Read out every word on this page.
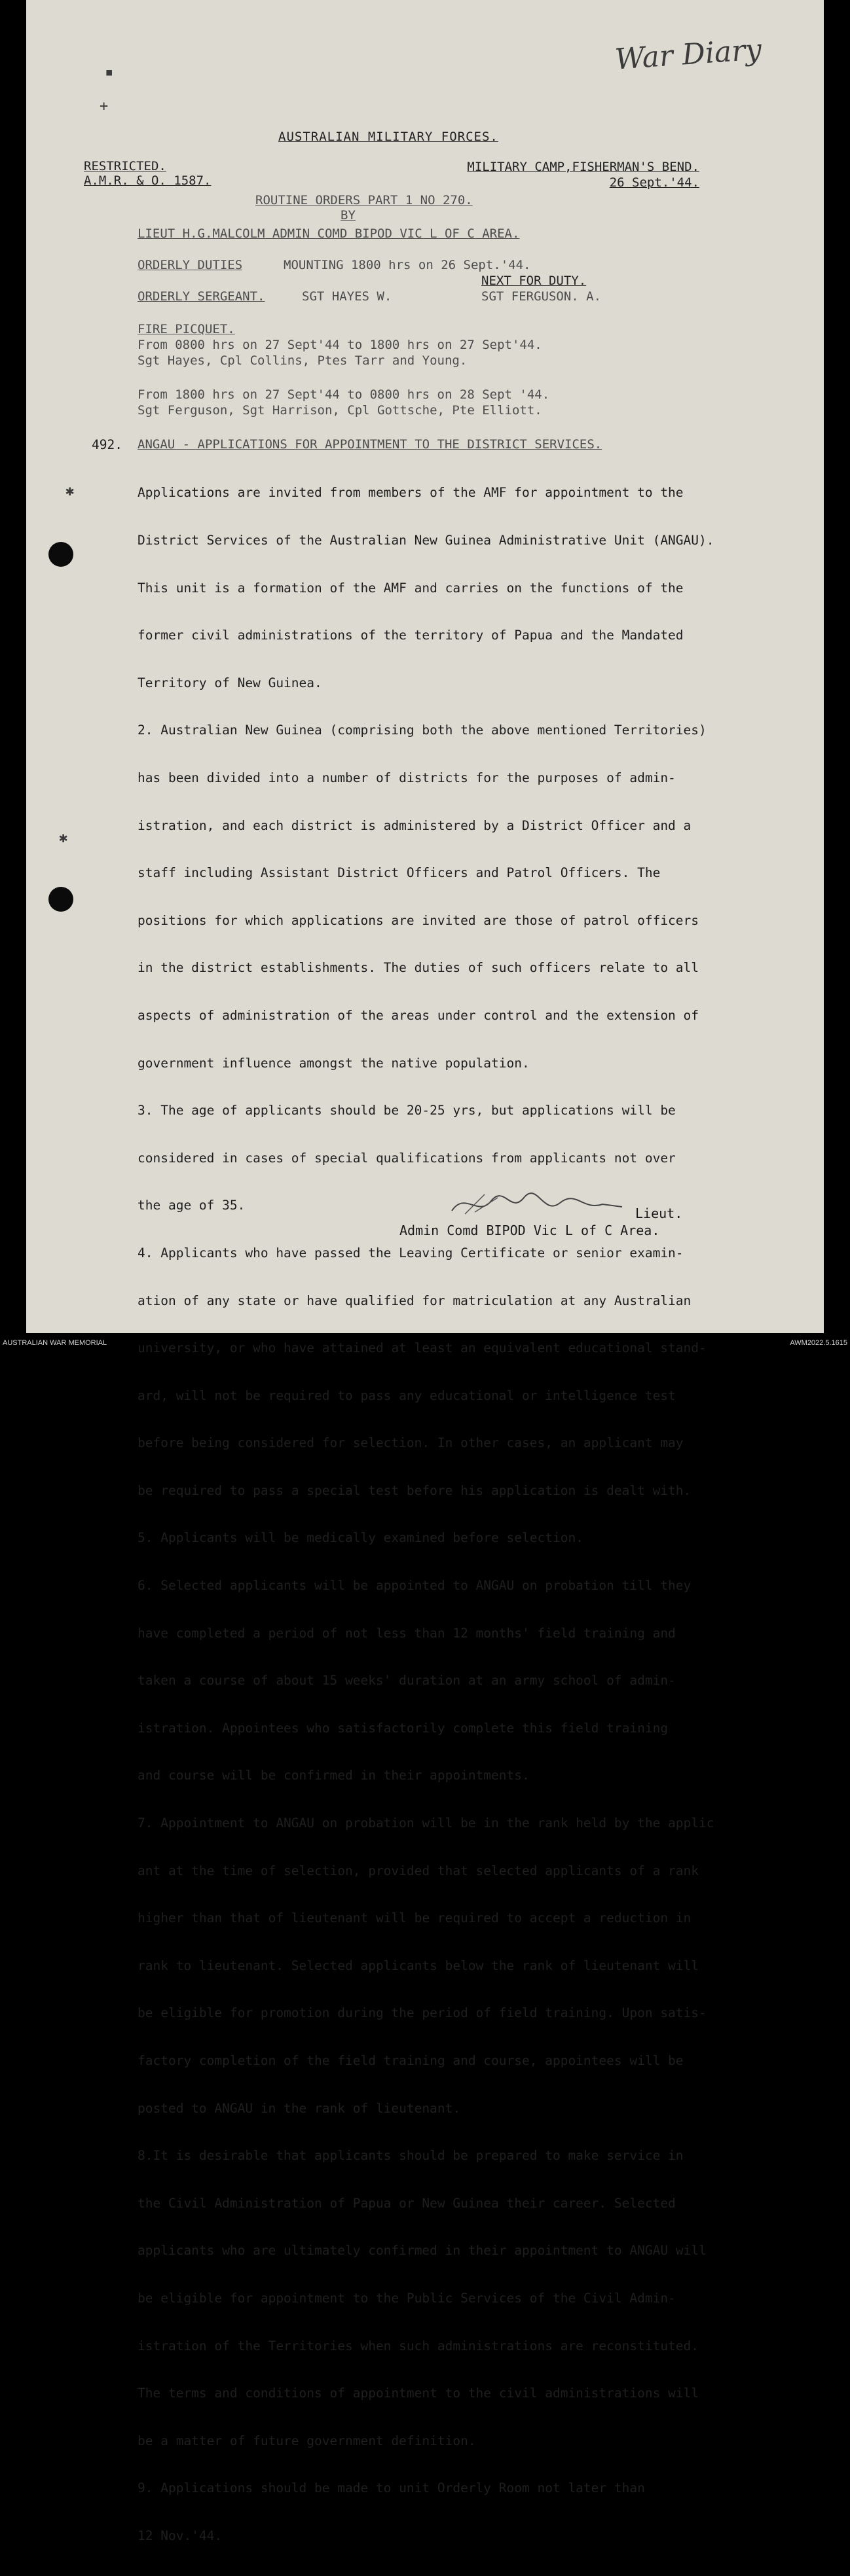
▪
+
✱
✱
War Diary
AUSTRALIAN MILITARY FORCES.
RESTRICTED.
A.M.R. & O. 1587.
MILITARY CAMP,FISHERMAN'S BEND.
26 Sept.'44.
ROUTINE ORDERS PART 1 NO 270.
BY
LIEUT H.G.MALCOLM ADMIN COMD BIPOD VIC L OF C AREA.
ORDERLY DUTIES	MOUNTING 1800 hrs on 26 Sept.'44.
NEXT FOR DUTY.
ORDERLY SERGEANT.	SGT HAYES W.	SGT FERGUSON. A.
FIRE PICQUET.
From 0800 hrs on 27 Sept'44 to 1800 hrs on 27 Sept'44.
Sgt Hayes, Cpl Collins, Ptes Tarr and Young.
From 1800 hrs on 27 Sept'44 to 0800 hrs on 28 Sept '44.
Sgt Ferguson, Sgt Harrison, Cpl Gottsche, Pte Elliott.
492. ANGAU - APPLICATIONS FOR APPOINTMENT TO THE DISTRICT SERVICES.

Applications are invited from members of the AMF for appointment to the

District Services of the Australian New Guinea Administrative Unit (ANGAU).

This unit is a formation of the AMF and carries on the functions of the

former civil administrations of the territory of Papua and the Mandated

Territory of New Guinea.

2. Australian New Guinea (comprising both the above mentioned Territories)

has been divided into a number of districts for the purposes of admin-

istration, and each district is administered by a District Officer and a

staff including Assistant District Officers and Patrol Officers. The

positions for which applications are invited are those of patrol officers

in the district establishments. The duties of such officers relate to all

aspects of administration of the areas under control and the extension of

government influence amongst the native population.

3. The age of applicants should be 20-25 yrs, but applications will be

considered in cases of special qualifications from applicants not over

the age of 35.

4. Applicants who have passed the Leaving Certificate or senior examin-

ation of any state or have qualified for matriculation at any Australian

university, or who have attained at least an equivalent educational stand-

ard, will not be required to pass any educational or intelligence test

before being considered for selection. In other cases, an applicant may

be required to pass a special test before his application is dealt with.

5. Applicants will be medically examined before selection.

6. Selected applicants will be appointed to ANGAU on probation till they

have completed a period of not less than 12 months' field training and

taken a course of about 15 weeks' duration at an army school of admin-

istration. Appointees who satisfactorily complete this field training

and course will be confirmed in their appointments.

7. Appointment to ANGAU on probation will be in the rank held by the applic

ant at the time of selection, provided that selected applicants of a rank

higher than that of lieutenant will be required to accept a reduction in

rank to lieutenant. Selected applicants below the rank of lieutenant will

be eligible for promotion during the period of field training. Upon satis-

factory completion of the field training and course, appointees will be

posted to ANGAU in the rank of lieutenant.

8.It is desirable that applicants should be prepared to make service in

the Civil Administration of Papua or New Guinea their career. Selected

applicants who are ultimately confirmed in their appointment to ANGAU will

be eligible for appointment to the Public Services of the Civil Admin-

istration of the Territories when such administrations are reconstituted.

The terms and conditions of appointment to the civil administrations will

be a matter of future government definition.

9. Applications should be made to unit Orderly Room not later than

12 Nov.'44.

Lieut.
Admin Comd BIPOD Vic L of C Area.
AUSTRALIAN WAR MEMORIAL	AWM2022.5.1615
